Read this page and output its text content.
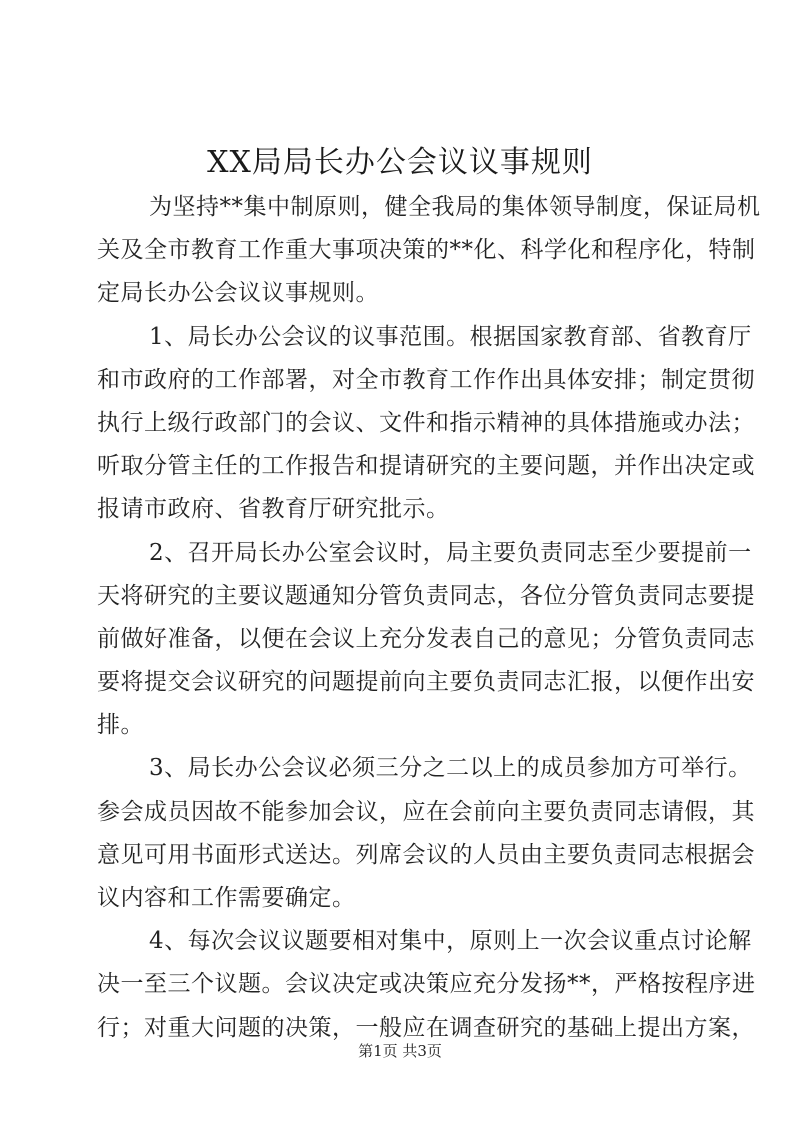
XX局局长办公会议议事规则
为坚持**集中制原则，健全我局的集体领导制度，保证局机
关及全市教育工作重大事项决策的**化、科学化和程序化，特制
定局长办公会议议事规则。
1、局长办公会议的议事范围。根据国家教育部、省教育厅
和市政府的工作部署，对全市教育工作作出具体安排；制定贯彻
执行上级行政部门的会议、文件和指示精神的具体措施或办法；
听取分管主任的工作报告和提请研究的主要问题，并作出决定或
报请市政府、省教育厅研究批示。
2、召开局长办公室会议时，局主要负责同志至少要提前一
天将研究的主要议题通知分管负责同志，各位分管负责同志要提
前做好准备，以便在会议上充分发表自己的意见；分管负责同志
要将提交会议研究的问题提前向主要负责同志汇报，以便作出安
排。
3、局长办公会议必须三分之二以上的成员参加方可举行。
参会成员因故不能参加会议，应在会前向主要负责同志请假，其
意见可用书面形式送达。列席会议的人员由主要负责同志根据会
议内容和工作需要确定。
4、每次会议议题要相对集中，原则上一次会议重点讨论解
决一至三个议题。会议决定或决策应充分发扬**，严格按程序进
行；对重大问题的决策，一般应在调查研究的基础上提出方案，
第1页 共3页
